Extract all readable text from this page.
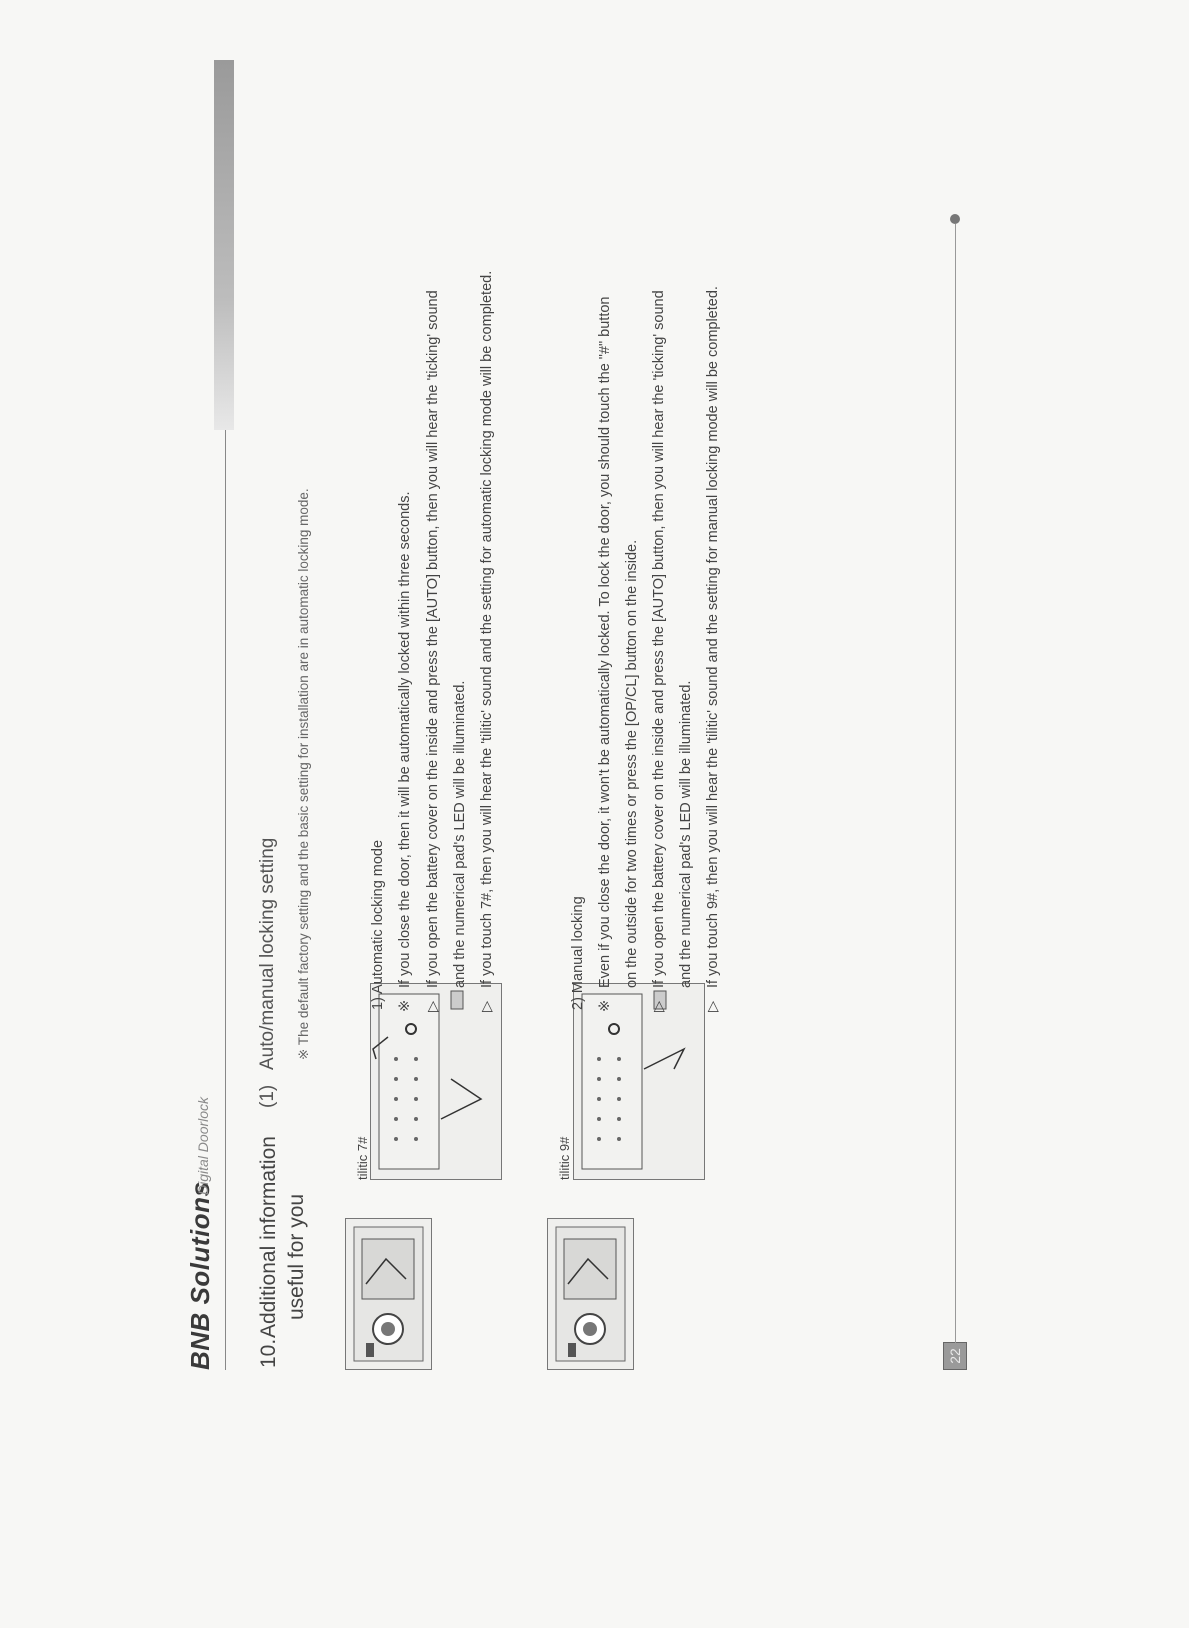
BNB Solutions
Digital Doorlock
10.
Additional information useful for you
(1)
Auto/manual locking setting ※ The default factory setting and the basic setting for installation are in automatic locking mode.
tilitic 7#
1) Automatic locking mode ※If you close the door, then it will be automatically locked within three seconds.
▷If you open the battery cover on the inside and press the [AUTO] button, then you will hear the 'ticking' sound and the numerical pad's LED will be illuminated.
▷If you touch 7#, then you will hear the 'tilitic' sound and the setting for automatic locking mode will be completed.
tilitic 9#
2) Manual locking ※Even if you close the door, it won't be automatically locked. To lock the door, you should touch the "#" button on the outside for two times or press the [OP/CL] button on the inside.
▷If you open the battery cover on the inside and press the [AUTO] button, then you will hear the 'ticking' sound and the numerical pad's LED will be illuminated.
▷If you touch 9#, then you will hear the 'tilitic' sound and the setting for manual locking mode will be completed.
22
